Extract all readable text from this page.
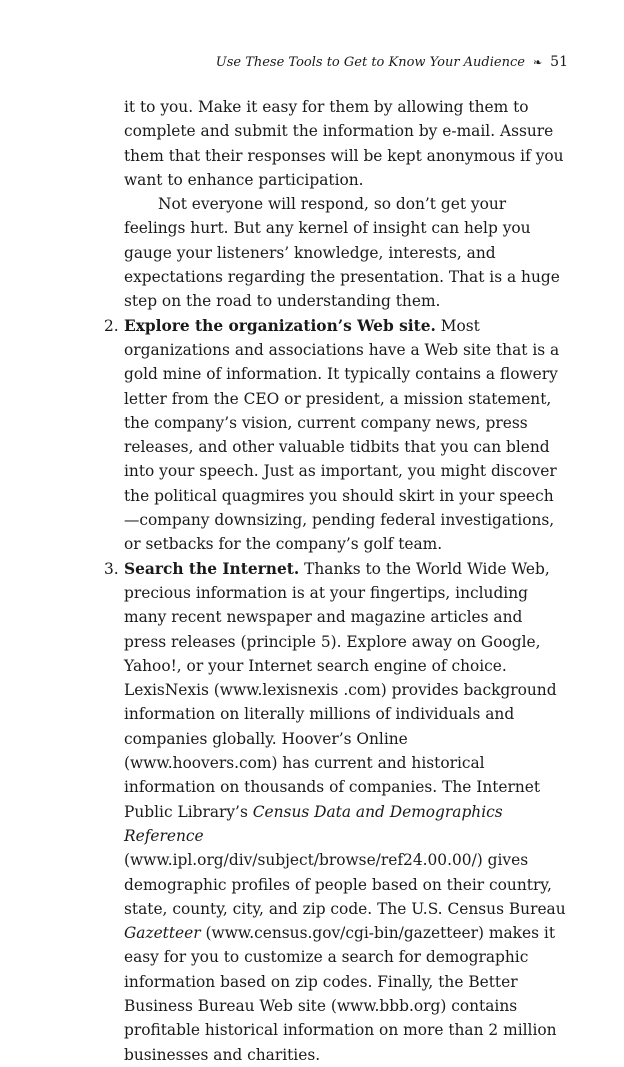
Use These Tools to Get to Know Your Audience ❧ 51

it to you. Make it easy for them by allowing them to complete and submit the information by e-mail. Assure them that their responses will be kept anonymous if you want to enhance participation.

Not everyone will respond, so don’t get your feelings hurt. But any kernel of insight can help you gauge your listeners’ knowledge, interests, and expectations regarding the presentation. That is a huge step on the road to understanding them.

2. Explore the organization’s Web site. Most organizations and associations have a Web site that is a gold mine of information. It typically contains a flowery letter from the CEO or president, a mission statement, the company’s vision, current company news, press releases, and other valuable tidbits that you can blend into your speech. Just as important, you might discover the political quagmires you should skirt in your speech—company downsizing, pending federal investigations, or setbacks for the company’s golf team.
3. Search the Internet. Thanks to the World Wide Web, precious information is at your fingertips, including many recent newspaper and magazine articles and press releases (principle 5). Explore away on Google, Yahoo!, or your Internet search engine of choice. LexisNexis (www.lexisnexis .com) provides background information on literally millions of individuals and companies globally. Hoover’s Online (www.hoovers.com) has current and historical information on thousands of companies. The Internet Public Library’s Census Data and Demographics Reference (www.ipl.org/div/subject/browse/ref24.00.00/) gives demographic profiles of people based on their country, state, county, city, and zip code. The U.S. Census Bureau Gazetteer (www.census.gov/cgi-bin/gazetteer) makes it easy for you to customize a search for demographic information based on zip codes. Finally, the Better Business Bureau Web site (www.bbb.org) contains profitable historical information on more than 2 million businesses and charities.
